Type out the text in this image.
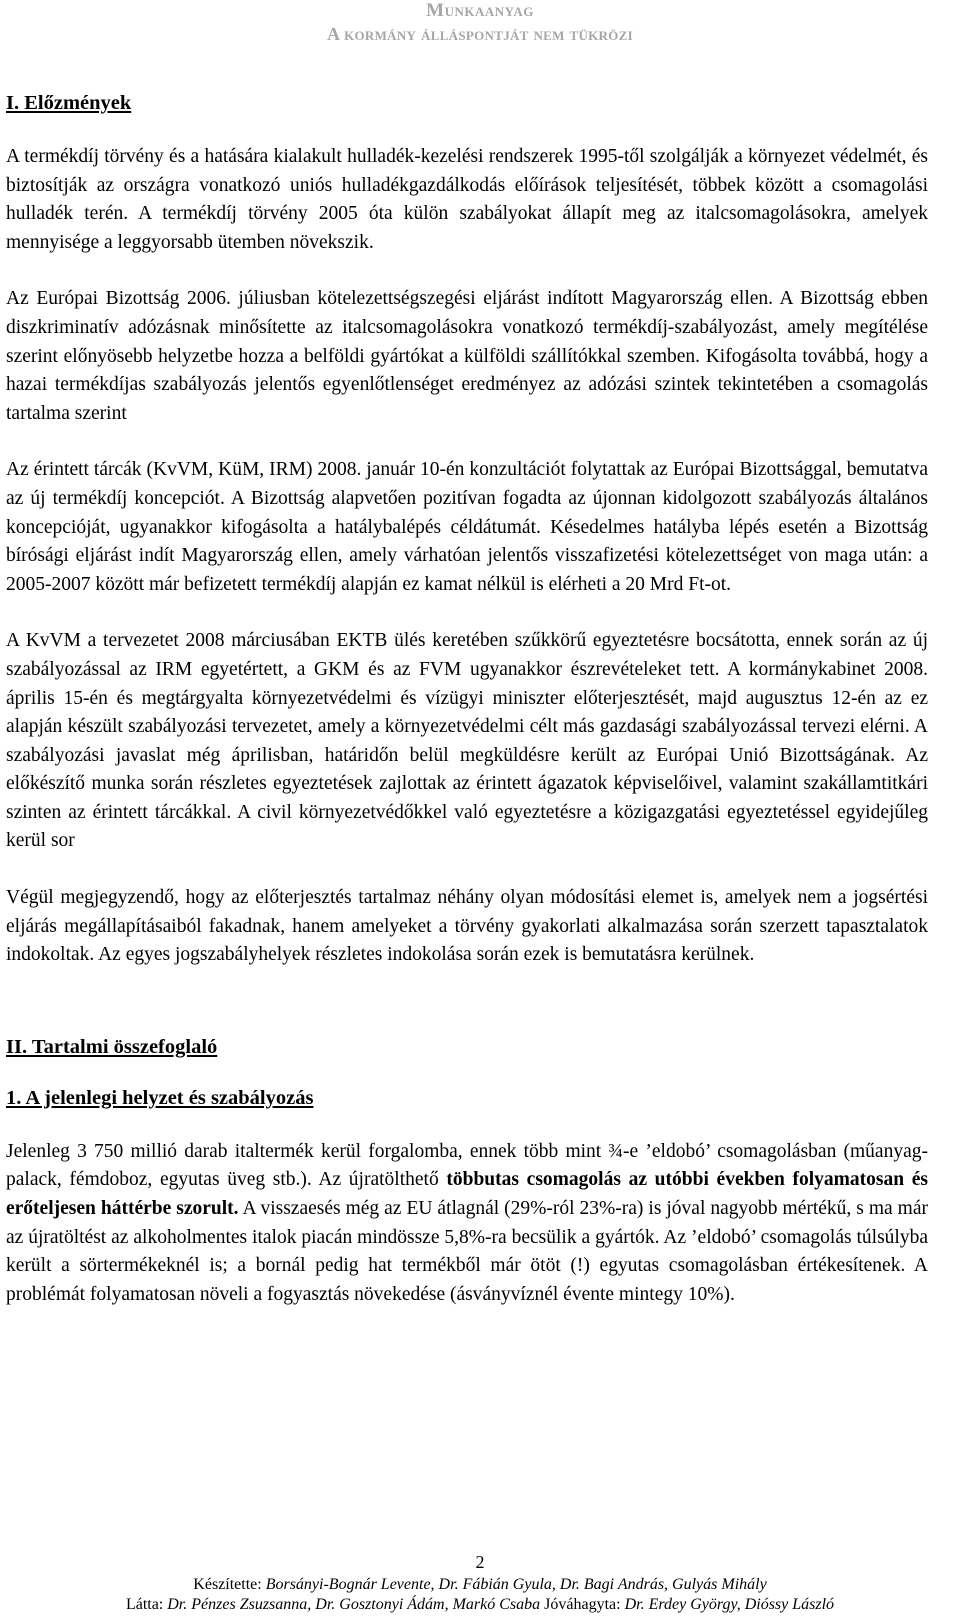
Munkaanyag
A kormány álláspontját nem tükrözi
I. Előzmények

A termékdíj törvény és a hatására kialakult hulladék-kezelési rendszerek 1995-től szolgálják a környezet védelmét, és biztosítják az országra vonatkozó uniós hulladékgazdálkodás előírások teljesítését, többek között a csomagolási hulladék terén. A termékdíj törvény 2005 óta külön szabályokat állapít meg az italcsomagolásokra, amelyek mennyisége a leggyorsabb ütemben növekszik.

Az Európai Bizottság 2006. júliusban kötelezettségszegési eljárást indított Magyarország ellen. A Bizottság ebben diszkriminatív adózásnak minősítette az italcsomagolásokra vonatkozó termékdíj-szabályozást, amely megítélése szerint előnyösebb helyzetbe hozza a belföldi gyártókat a külföldi szállítókkal szemben. Kifogásolta továbbá, hogy a hazai termékdíjas szabályozás jelentős egyenlőtlenséget eredményez az adózási szintek tekintetében a csomagolás tartalma szerint

Az érintett tárcák (KvVM, KüM, IRM) 2008. január 10-én konzultációt folytattak az Európai Bizottsággal, bemutatva az új termékdíj koncepciót. A Bizottság alapvetően pozitívan fogadta az újonnan kidolgozott szabályozás általános koncepcióját, ugyanakkor kifogásolta a hatálybalépés céldátumát. Késedelmes hatályba lépés esetén a Bizottság bírósági eljárást indít Magyarország ellen, amely várhatóan jelentős visszafizetési kötelezettséget von maga után: a 2005-2007 között már befizetett termékdíj alapján ez kamat nélkül is elérheti a 20 Mrd Ft-ot.

A KvVM a tervezetet 2008 márciusában EKTB ülés keretében szűkkörű egyeztetésre bocsátotta, ennek során az új szabályozással az IRM egyetértett, a GKM és az FVM ugyanakkor észrevételeket tett. A kormánykabinet 2008. április 15-én és megtárgyalta környezetvédelmi és vízügyi miniszter előterjesztését, majd augusztus 12-én az ez alapján készült szabályozási tervezetet, amely a környezetvédelmi célt más gazdasági szabályozással tervezi elérni. A szabályozási javaslat még áprilisban, határidőn belül megküldésre került az Európai Unió Bizottságának. Az előkészítő munka során részletes egyeztetések zajlottak az érintett ágazatok képviselőivel, valamint szakállamtitkári szinten az érintett tárcákkal. A civil környezetvédőkkel való egyeztetésre a közigazgatási egyeztetéssel egyidejűleg kerül sor

Végül megjegyzendő, hogy az előterjesztés tartalmaz néhány olyan módosítási elemet is, amelyek nem a jogsértési eljárás megállapításaiból fakadnak, hanem amelyeket a törvény gyakorlati alkalmazása során szerzett tapasztalatok indokoltak. Az egyes jogszabályhelyek részletes indokolása során ezek is bemutatásra kerülnek.

II. Tartalmi összefoglaló
1. A jelenlegi helyzet és szabályozás

Jelenleg 3 750 millió darab italtermék kerül forgalomba, ennek több mint ¾-e ’eldobó’ csomagolásban (műanyag-palack, fémdoboz, egyutas üveg stb.). Az újratölthető többutas csomagolás az utóbbi években folyamatosan és erőteljesen háttérbe szorult. A visszaesés még az EU átlagnál (29%-ról 23%-ra) is jóval nagyobb mértékű, s ma már az újratöltést az alkoholmentes italok piacán mindössze 5,8%-ra becsülik a gyártók. Az ’eldobó’ csomagolás túlsúlyba került a sörtermékeknél is; a bornál pedig hat termékből már ötöt (!) egyutas csomagolásban értékesítenek. A problémát folyamatosan növeli a fogyasztás növekedése (ásványvíznél évente mintegy 10%).

2
Készítette: Borsányi-Bognár Levente, Dr. Fábián Gyula, Dr. Bagi András, Gulyás Mihály
Látta: Dr. Pénzes Zsuzsanna, Dr. Gosztonyi Ádám, Markó Csaba Jóváhagyta: Dr. Erdey György, Dióssy László
